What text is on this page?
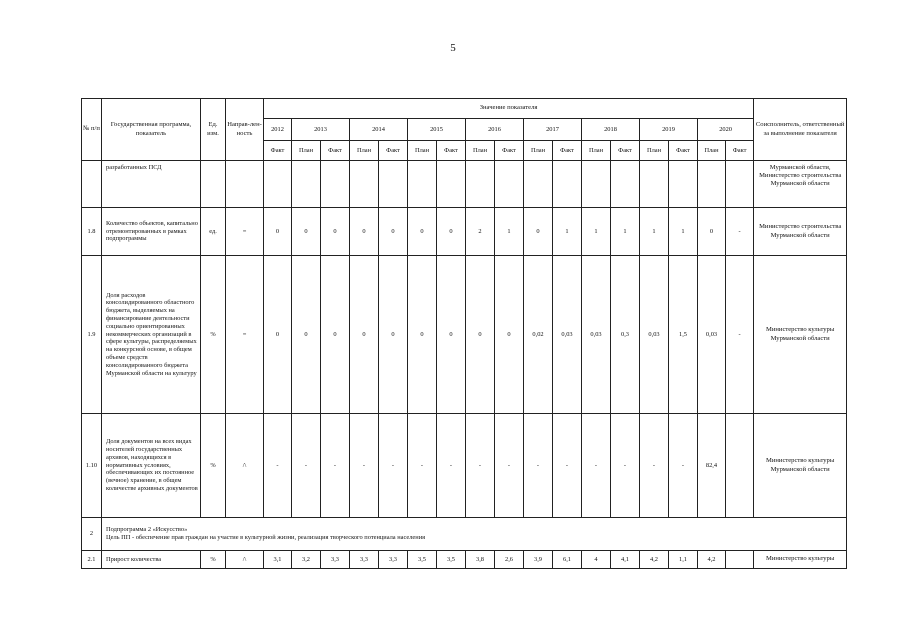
5
№ п/п	Государственная программа, показатель	Ед. изм.	Направ-лен-ность	Значение показателя																	Соисполнитель, ответственный за выполнение показателя
				2012	2013		2014		2015		2016		2017		2018		2019		2020		
				Факт	План	Факт	План	Факт	План	Факт	План	Факт	План	Факт	План	Факт	План	Факт	План	Факт	
	разработанных ПСД																				Мурманской области, Министерство строительства Мурманской области
1.8	Количество объектов, капитально отремонтированных в рамках подпрограммы	ед.	=	0	0	0	0	0	0	0	2	1	0	1	1	1	1	1	0	-	Министерство строительства Мурманской области
1.9	Доля расходов консолидированного областного бюджета, выделяемых на финансирование деятельности социально ориентированных некоммерческих организаций в сфере культуры, распределяемых на конкурсной основе, в общем объеме средств консолидированного бюджета Мурманской области на культуру	%	=	0	0	0	0	0	0	0	0	0	0,02	0,03	0,03	0,3	0,03	1,5	0,03	-	Министерство культуры Мурманской области
1.10	Доля документов на всех видах носителей государственных архивов, находящихся в нормативных условиях, обеспечивающих их постоянное (вечное) хранение, в общем количестве архивных документов	%	/\	-	-	-	-	-	-	-	-	-	-	-	-	-	-	-	82,4		Министерство культуры Мурманской области
2	Подпрограмма 2 «Искусство»
Цель ПП - обеспечение прав граждан на участие в культурной жизни, реализация творческого потенциала населения																				

2.1	Прирост количества	%	/\	3,1	3,2	3,3	3,3	3,3	3,5	3,5	3,8	2,6	3,9	6,1	4	4,1	4,2	1,1	4,2		Министерство культуры
